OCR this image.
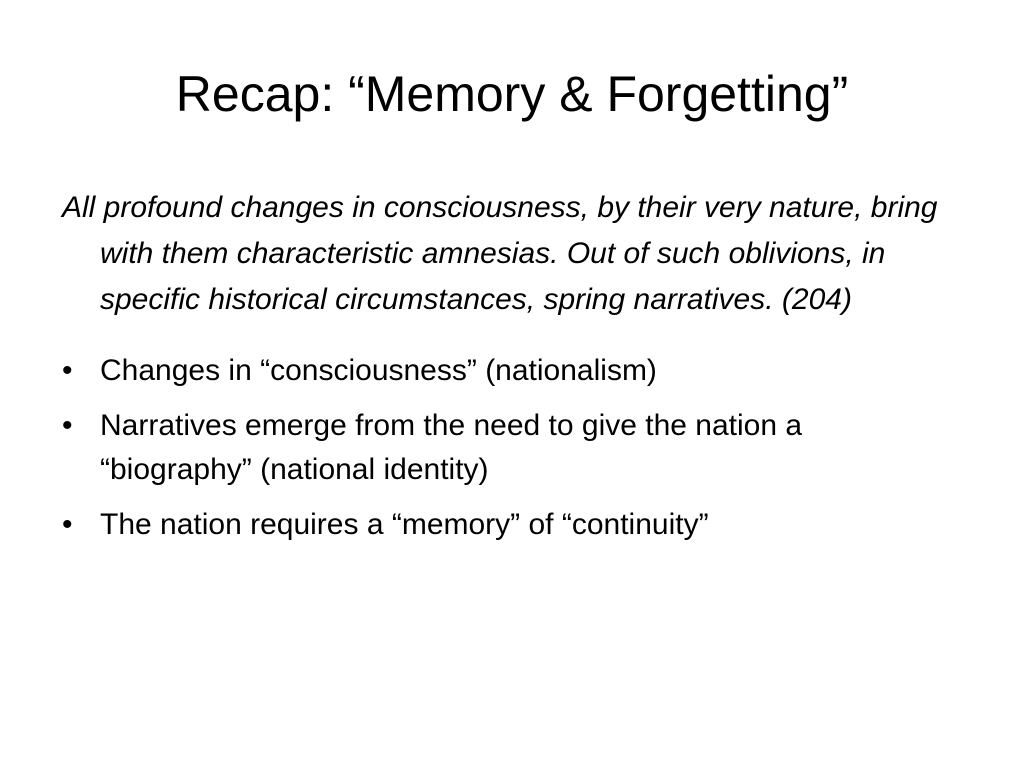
Recap: “Memory & Forgetting”

All profound changes in consciousness, by their very nature, bring with them characteristic amnesias. Out of such oblivions, in specific historical circumstances, spring narratives. (204)

• Changes in “consciousness” (nationalism)
• Narratives emerge from the need to give the nation a “biography” (national identity)
• The nation requires a “memory” of “continuity”
